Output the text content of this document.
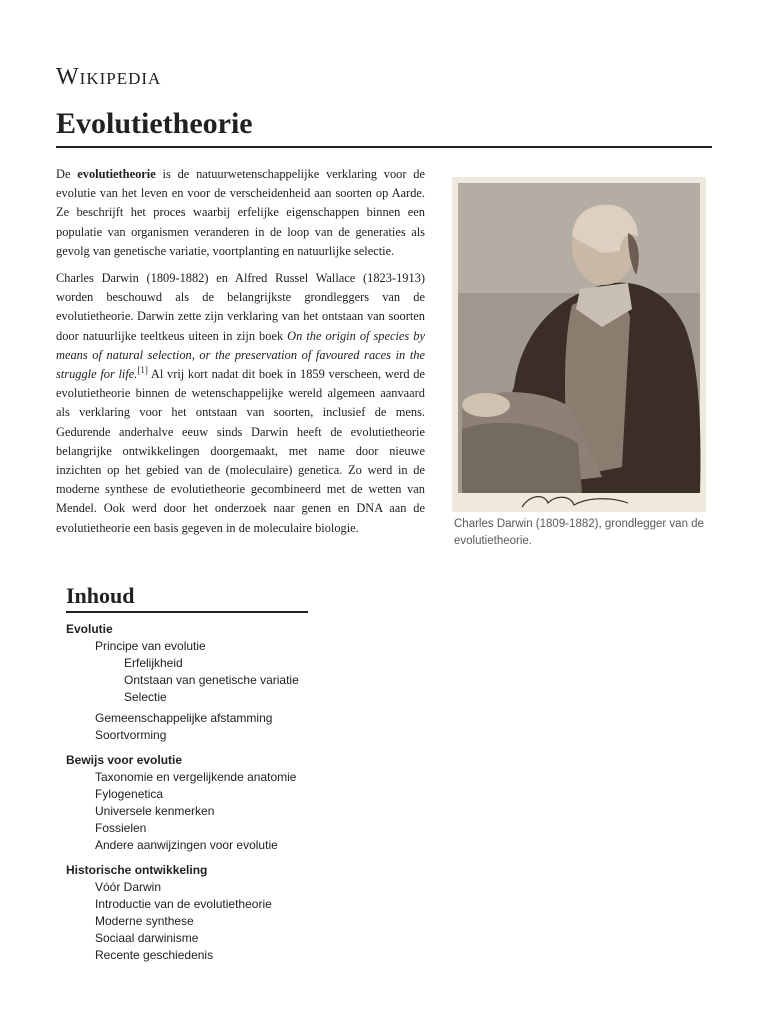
Wikipedia
Evolutietheorie

De evolutietheorie is de natuurwetenschappelijke verklaring voor de evolutie van het leven en voor de verscheidenheid aan soorten op Aarde. Ze beschrijft het proces waarbij erfelijke eigenschappen binnen een populatie van organismen veranderen in de loop van de generaties als gevolg van genetische variatie, voortplanting en natuurlijke selectie.

Charles Darwin (1809-1882) en Alfred Russel Wallace (1823-1913) worden beschouwd als de belangrijkste grondleggers van de evolutietheorie. Darwin zette zijn verklaring van het ontstaan van soorten door natuurlijke teeltkeus uiteen in zijn boek On the origin of species by means of natural selection, or the preservation of favoured races in the struggle for life.[1] Al vrij kort nadat dit boek in 1859 verscheen, werd de evolutietheorie binnen de wetenschappelijke wereld algemeen aanvaard als verklaring voor het ontstaan van soorten, inclusief de mens. Gedurende anderhalve eeuw sinds Darwin heeft de evolutietheorie belangrijke ontwikkelingen doorgemaakt, met name door nieuwe inzichten op het gebied van de (moleculaire) genetica. Zo werd in de moderne synthese de evolutietheorie gecombineerd met de wetten van Mendel. Ook werd door het onderzoek naar genen en DNA aan de evolutietheorie een basis gegeven in de moleculaire biologie.	Charles Darwin (1809-1882), grondlegger van de evolutietheorie.
Inhoud
Evolutie
Principe van evolutie
Erfelijkheid
Ontstaan van genetische variatie
Selectie
Gemeenschappelijke afstamming
Soortvorming
Bewijs voor evolutie
Taxonomie en vergelijkende anatomie
Fylogenetica
Universele kenmerken
Fossielen
Andere aanwijzingen voor evolutie
Historische ontwikkeling
Vóór Darwin
Introductie van de evolutietheorie
Moderne synthese
Sociaal darwinisme
Recente geschiedenis
